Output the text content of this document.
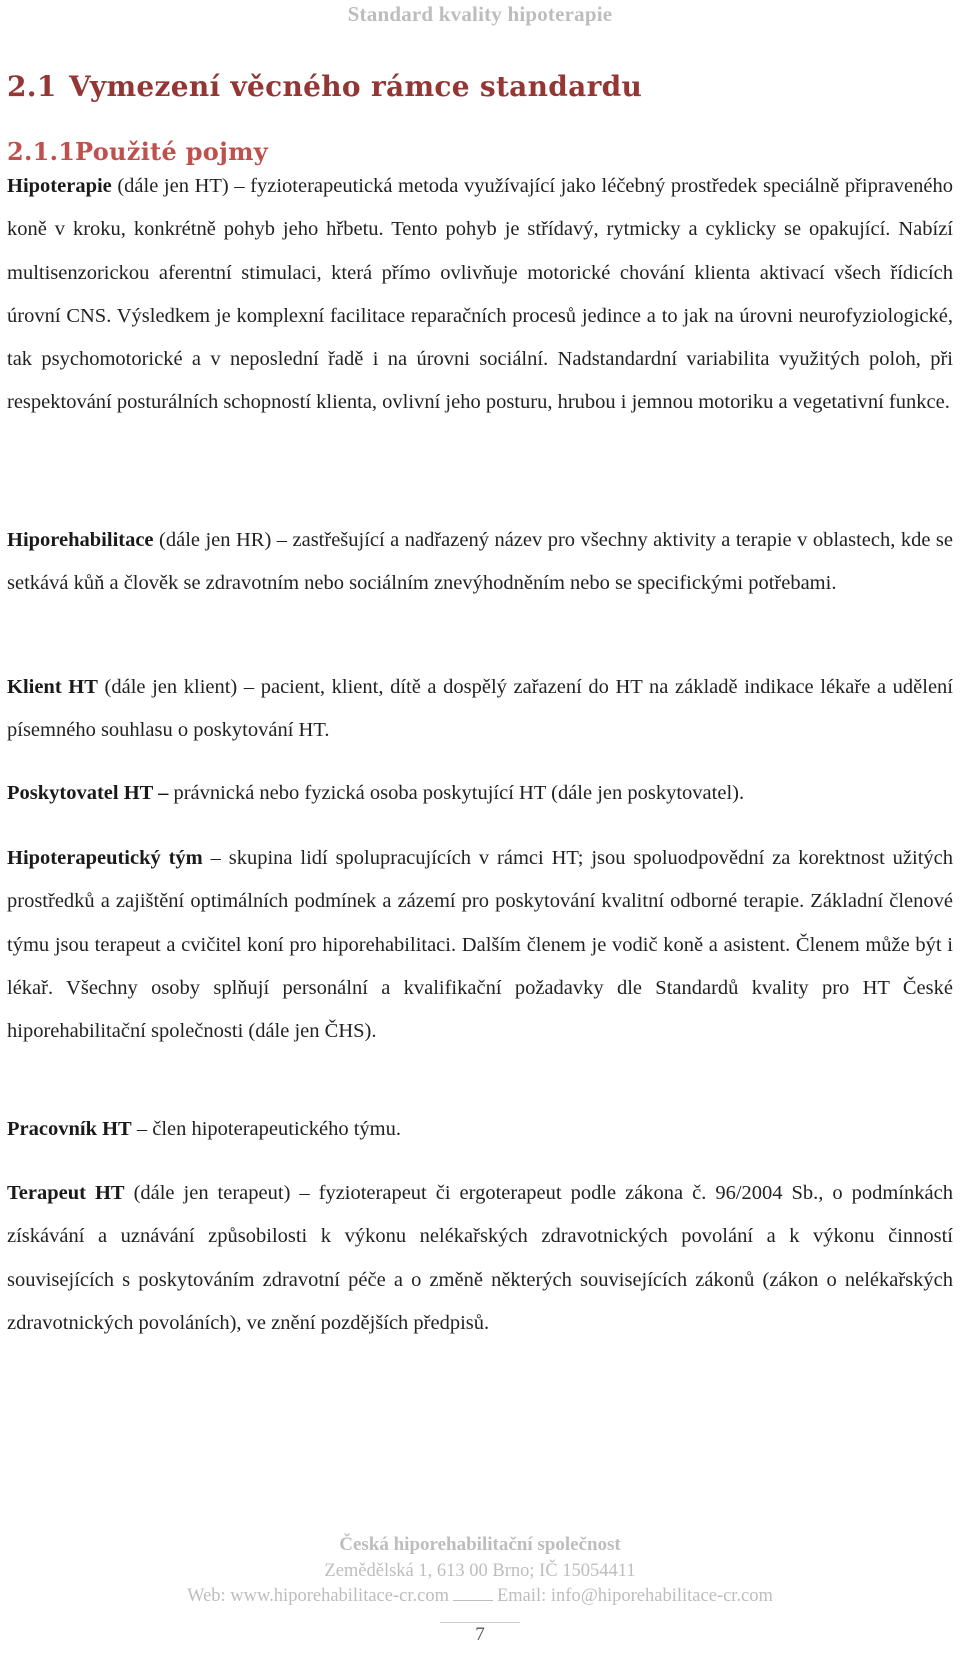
Standard kvality hipoterapie
2.1 Vymezení věcného rámce standardu
2.1.1Použité pojmy

Hipoterapie (dále jen HT) – fyzioterapeutická metoda využívající jako léčebný prostředek speciálně připraveného koně v kroku, konkrétně pohyb jeho hřbetu. Tento pohyb je střídavý, rytmicky a cyklicky se opakující. Nabízí multisenzorickou aferentní stimulaci, která přímo ovlivňuje motorické chování klienta aktivací všech řídicích úrovní CNS. Výsledkem je komplexní facilitace reparačních procesů jedince a to jak na úrovni neurofyziologické, tak psychomotorické a v neposlední řadě i na úrovni sociální. Nadstandardní variabilita využitých poloh, při respektování posturálních schopností klienta, ovlivní jeho posturu, hrubou i jemnou motoriku a vegetativní funkce.

Hiporehabilitace (dále jen HR) – zastřešující a nadřazený název pro všechny aktivity a terapie v oblastech, kde se setkává kůň a člověk se zdravotním nebo sociálním znevýhodněním nebo se specifickými potřebami.

Klient HT (dále jen klient) – pacient, klient, dítě a dospělý zařazení do HT na základě indikace lékaře a udělení písemného souhlasu o poskytování HT.

Poskytovatel HT – právnická nebo fyzická osoba poskytující HT (dále jen poskytovatel).

Hipoterapeutický tým – skupina lidí spolupracujících v rámci HT; jsou spoluodpovědní za korektnost užitých prostředků a zajištění optimálních podmínek a zázemí pro poskytování kvalitní odborné terapie. Základní členové týmu jsou terapeut a cvičitel koní pro hiporehabilitaci. Dalším členem je vodič koně a asistent. Členem může být i lékař. Všechny osoby splňují personální a kvalifikační požadavky dle Standardů kvality pro HT České hiporehabilitační společnosti (dále jen ČHS).

Pracovník HT – člen hipoterapeutického týmu.

Terapeut HT (dále jen terapeut) – fyzioterapeut či ergoterapeut podle zákona č. 96/2004 Sb., o podmínkách získávání a uznávání způsobilosti k výkonu nelékařských zdravotnických povolání a k výkonu činností souvisejících s poskytováním zdravotní péče a o změně některých souvisejících zákonů (zákon o nelékařských zdravotnických povoláních), ve znění pozdějších předpisů.

Česká hiporehabilitační společnost
Zemědělská 1, 613 00 Brno; IČ 15054411
Web: www.hiporehabilitace-cr.com	Email: info@hiporehabilitace-cr.com
7
